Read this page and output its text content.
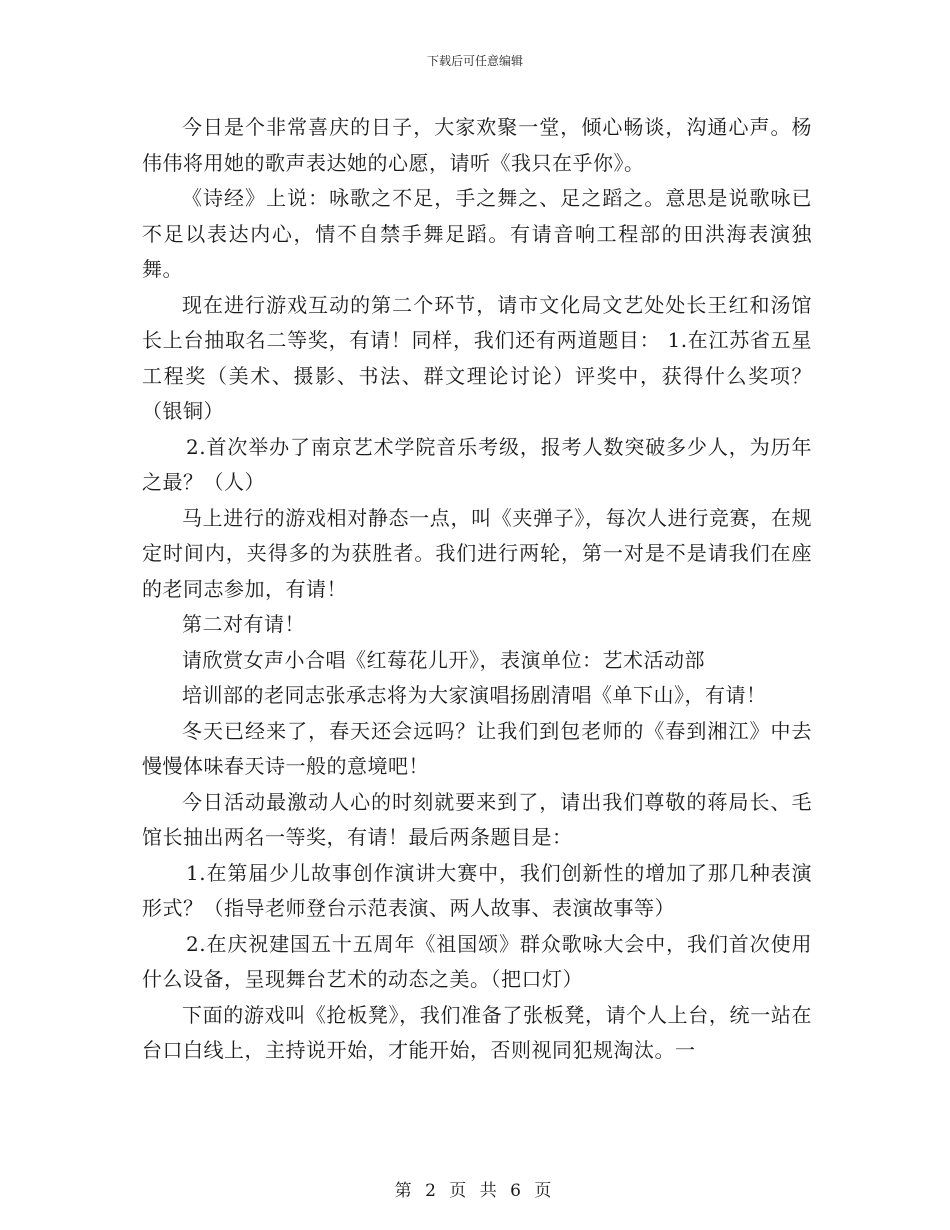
下载后可任意编辑

今日是个非常喜庆的日子，大家欢聚一堂，倾心畅谈，沟通心声。杨伟伟将用她的歌声表达她的心愿，请听《我只在乎你》。

《诗经》上说：咏歌之不足，手之舞之、足之蹈之。意思是说歌咏已不足以表达内心，情不自禁手舞足蹈。有请音响工程部的田洪海表演独舞。

现在进行游戏互动的第二个环节，请市文化局文艺处处长王红和汤馆长上台抽取名二等奖，有请！同样，我们还有两道题目： 1.在江苏省五星工程奖（美术、摄影、书法、群文理论讨论）评奖中，获得什么奖项？（银铜）

2.首次举办了南京艺术学院音乐考级，报考人数突破多少人，为历年之最？（人）

马上进行的游戏相对静态一点，叫《夹弹子》，每次人进行竞赛，在规定时间内，夹得多的为获胜者。我们进行两轮，第一对是不是请我们在座的老同志参加，有请！

第二对有请！

请欣赏女声小合唱《红莓花儿开》，表演单位：艺术活动部

培训部的老同志张承志将为大家演唱扬剧清唱《单下山》，有请！

冬天已经来了，春天还会远吗？让我们到包老师的《春到湘江》中去慢慢体味春天诗一般的意境吧！

今日活动最激动人心的时刻就要来到了，请出我们尊敬的蒋局长、毛馆长抽出两名一等奖，有请！最后两条题目是：

1.在第届少儿故事创作演讲大赛中，我们创新性的增加了那几种表演形式？（指导老师登台示范表演、两人故事、表演故事等）

2.在庆祝建国五十五周年《祖国颂》群众歌咏大会中，我们首次使用什么设备，呈现舞台艺术的动态之美。（把口灯）

下面的游戏叫《抢板凳》，我们准备了张板凳，请个人上台，统一站在台口白线上，主持说开始，才能开始，否则视同犯规淘汰。一

第 2 页 共 6 页
